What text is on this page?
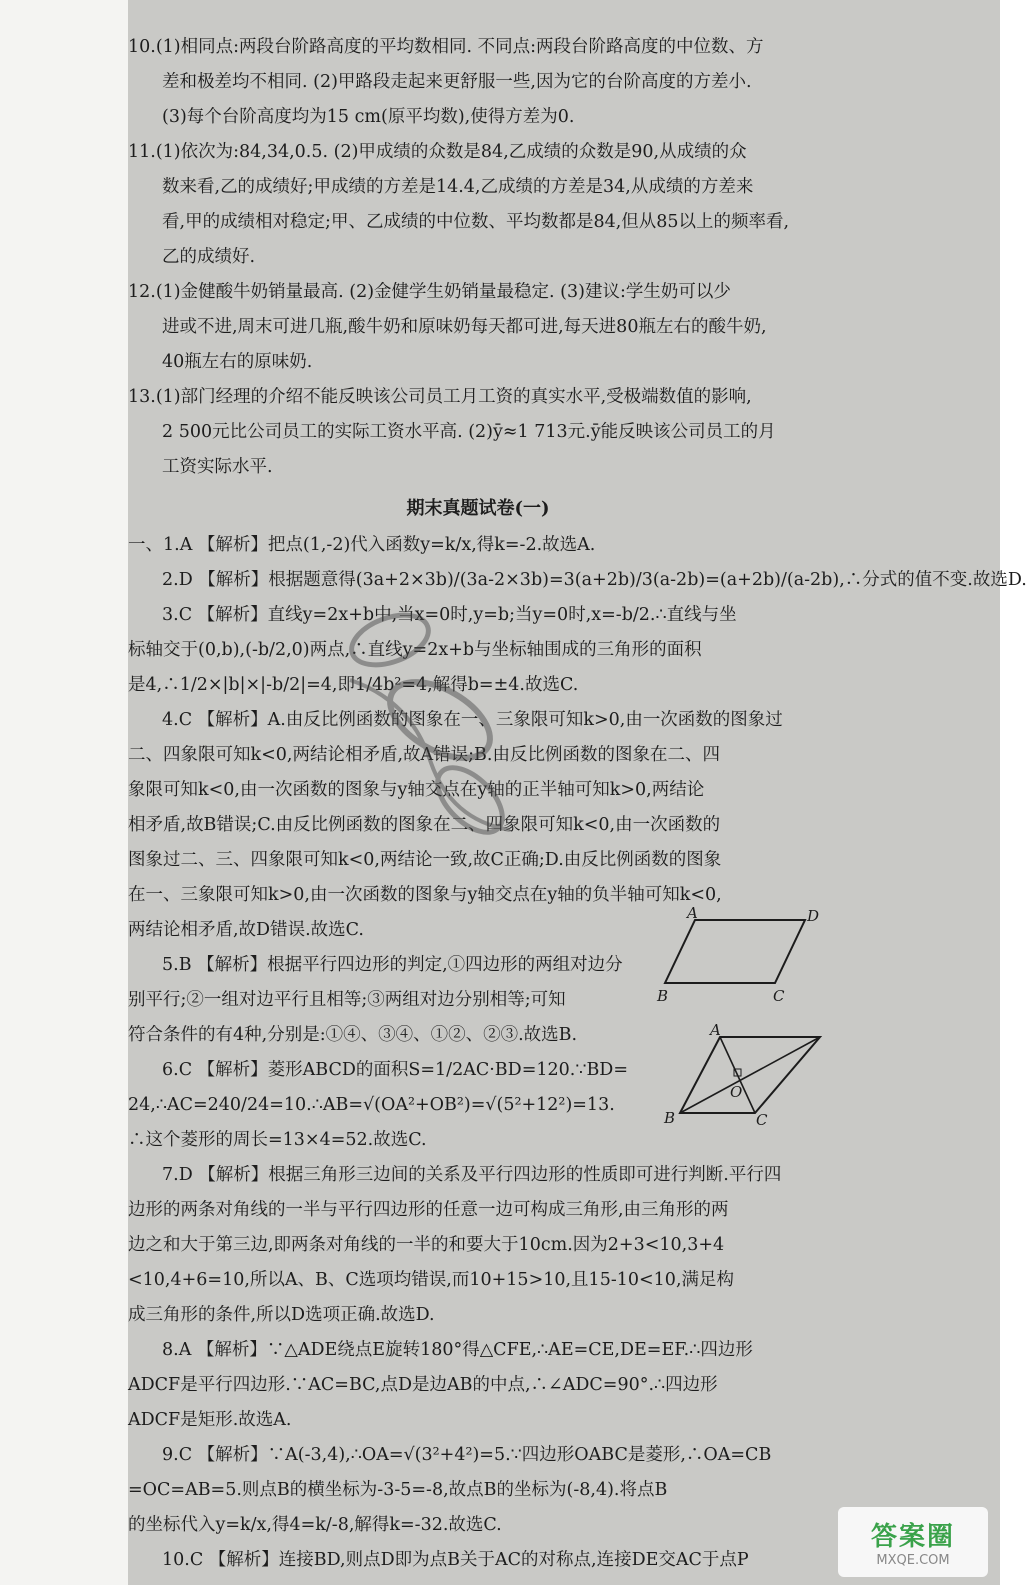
10.(1)相同点:两段台阶路高度的平均数相同. 不同点:两段台阶路高度的中位数、方
差和极差均不相同. (2)甲路段走起来更舒服一些,因为它的台阶高度的方差小.
(3)每个台阶高度均为15 cm(原平均数),使得方差为0.
11.(1)依次为:84,34,0.5. (2)甲成绩的众数是84,乙成绩的众数是90,从成绩的众
数来看,乙的成绩好;甲成绩的方差是14.4,乙成绩的方差是34,从成绩的方差来
看,甲的成绩相对稳定;甲、乙成绩的中位数、平均数都是84,但从85以上的频率看,
乙的成绩好.
12.(1)金健酸牛奶销量最高. (2)金健学生奶销量最稳定. (3)建议:学生奶可以少
进或不进,周末可进几瓶,酸牛奶和原味奶每天都可进,每天进80瓶左右的酸牛奶,
40瓶左右的原味奶.
13.(1)部门经理的介绍不能反映该公司员工月工资的真实水平,受极端数值的影响,
2 500元比公司员工的实际工资水平高. (2)ȳ≈1 713元.ȳ能反映该公司员工的月
工资实际水平.
期末真题试卷(一)
一、1.A 【解析】把点(1,-2)代入函数y=k/x,得k=-2.故选A.
2.D 【解析】根据题意得(3a+2×3b)/(3a-2×3b)=3(a+2b)/3(a-2b)=(a+2b)/(a-2b),∴分式的值不变.故选D.
3.C 【解析】直线y=2x+b中,当x=0时,y=b;当y=0时,x=-b/2.∴直线与坐
标轴交于(0,b),(-b/2,0)两点,∴直线y=2x+b与坐标轴围成的三角形的面积
是4,∴1/2×|b|×|-b/2|=4,即1/4b²=4,解得b=±4.故选C.
4.C 【解析】A.由反比例函数的图象在一、三象限可知k>0,由一次函数的图象过
二、四象限可知k<0,两结论相矛盾,故A错误;B.由反比例函数的图象在二、四
象限可知k<0,由一次函数的图象与y轴交点在y轴的正半轴可知k>0,两结论
相矛盾,故B错误;C.由反比例函数的图象在二、四象限可知k<0,由一次函数的
图象过二、三、四象限可知k<0,两结论一致,故C正确;D.由反比例函数的图象
在一、三象限可知k>0,由一次函数的图象与y轴交点在y轴的负半轴可知k<0,
两结论相矛盾,故D错误.故选C.
5.B 【解析】根据平行四边形的判定,①四边形的两组对边分
别平行;②一组对边平行且相等;③两组对边分别相等;可知
符合条件的有4种,分别是:①④、③④、①②、②③.故选B.
6.C 【解析】菱形ABCD的面积S=1/2AC·BD=120.∵BD=
24,∴AC=240/24=10.∴AB=√(OA²+OB²)=√(5²+12²)=13.
∴这个菱形的周长=13×4=52.故选C.
7.D 【解析】根据三角形三边间的关系及平行四边形的性质即可进行判断.平行四
边形的两条对角线的一半与平行四边形的任意一边可构成三角形,由三角形的两
边之和大于第三边,即两条对角线的一半的和要大于10cm.因为2+3<10,3+4
<10,4+6=10,所以A、B、C选项均错误,而10+15>10,且15-10<10,满足构
成三角形的条件,所以D选项正确.故选D.
8.A 【解析】∵△ADE绕点E旋转180°得△CFE,∴AE=CE,DE=EF.∴四边形
ADCF是平行四边形.∵AC=BC,点D是边AB的中点,∴∠ADC=90°.∴四边形
ADCF是矩形.故选A.
9.C 【解析】∵A(-3,4),∴OA=√(3²+4²)=5.∵四边形OABC是菱形,∴OA=CB
=OC=AB=5.则点B的横坐标为-3-5=-8,故点B的坐标为(-8,4).将点B
的坐标代入y=k/x,得4=k/-8,解得k=-32.故选C.
10.C 【解析】连接BD,则点D即为点B关于AC的对称点,连接DE交AC于点P
A	D
B	C
A
B	C
O
答案圈
MXQE.COM
